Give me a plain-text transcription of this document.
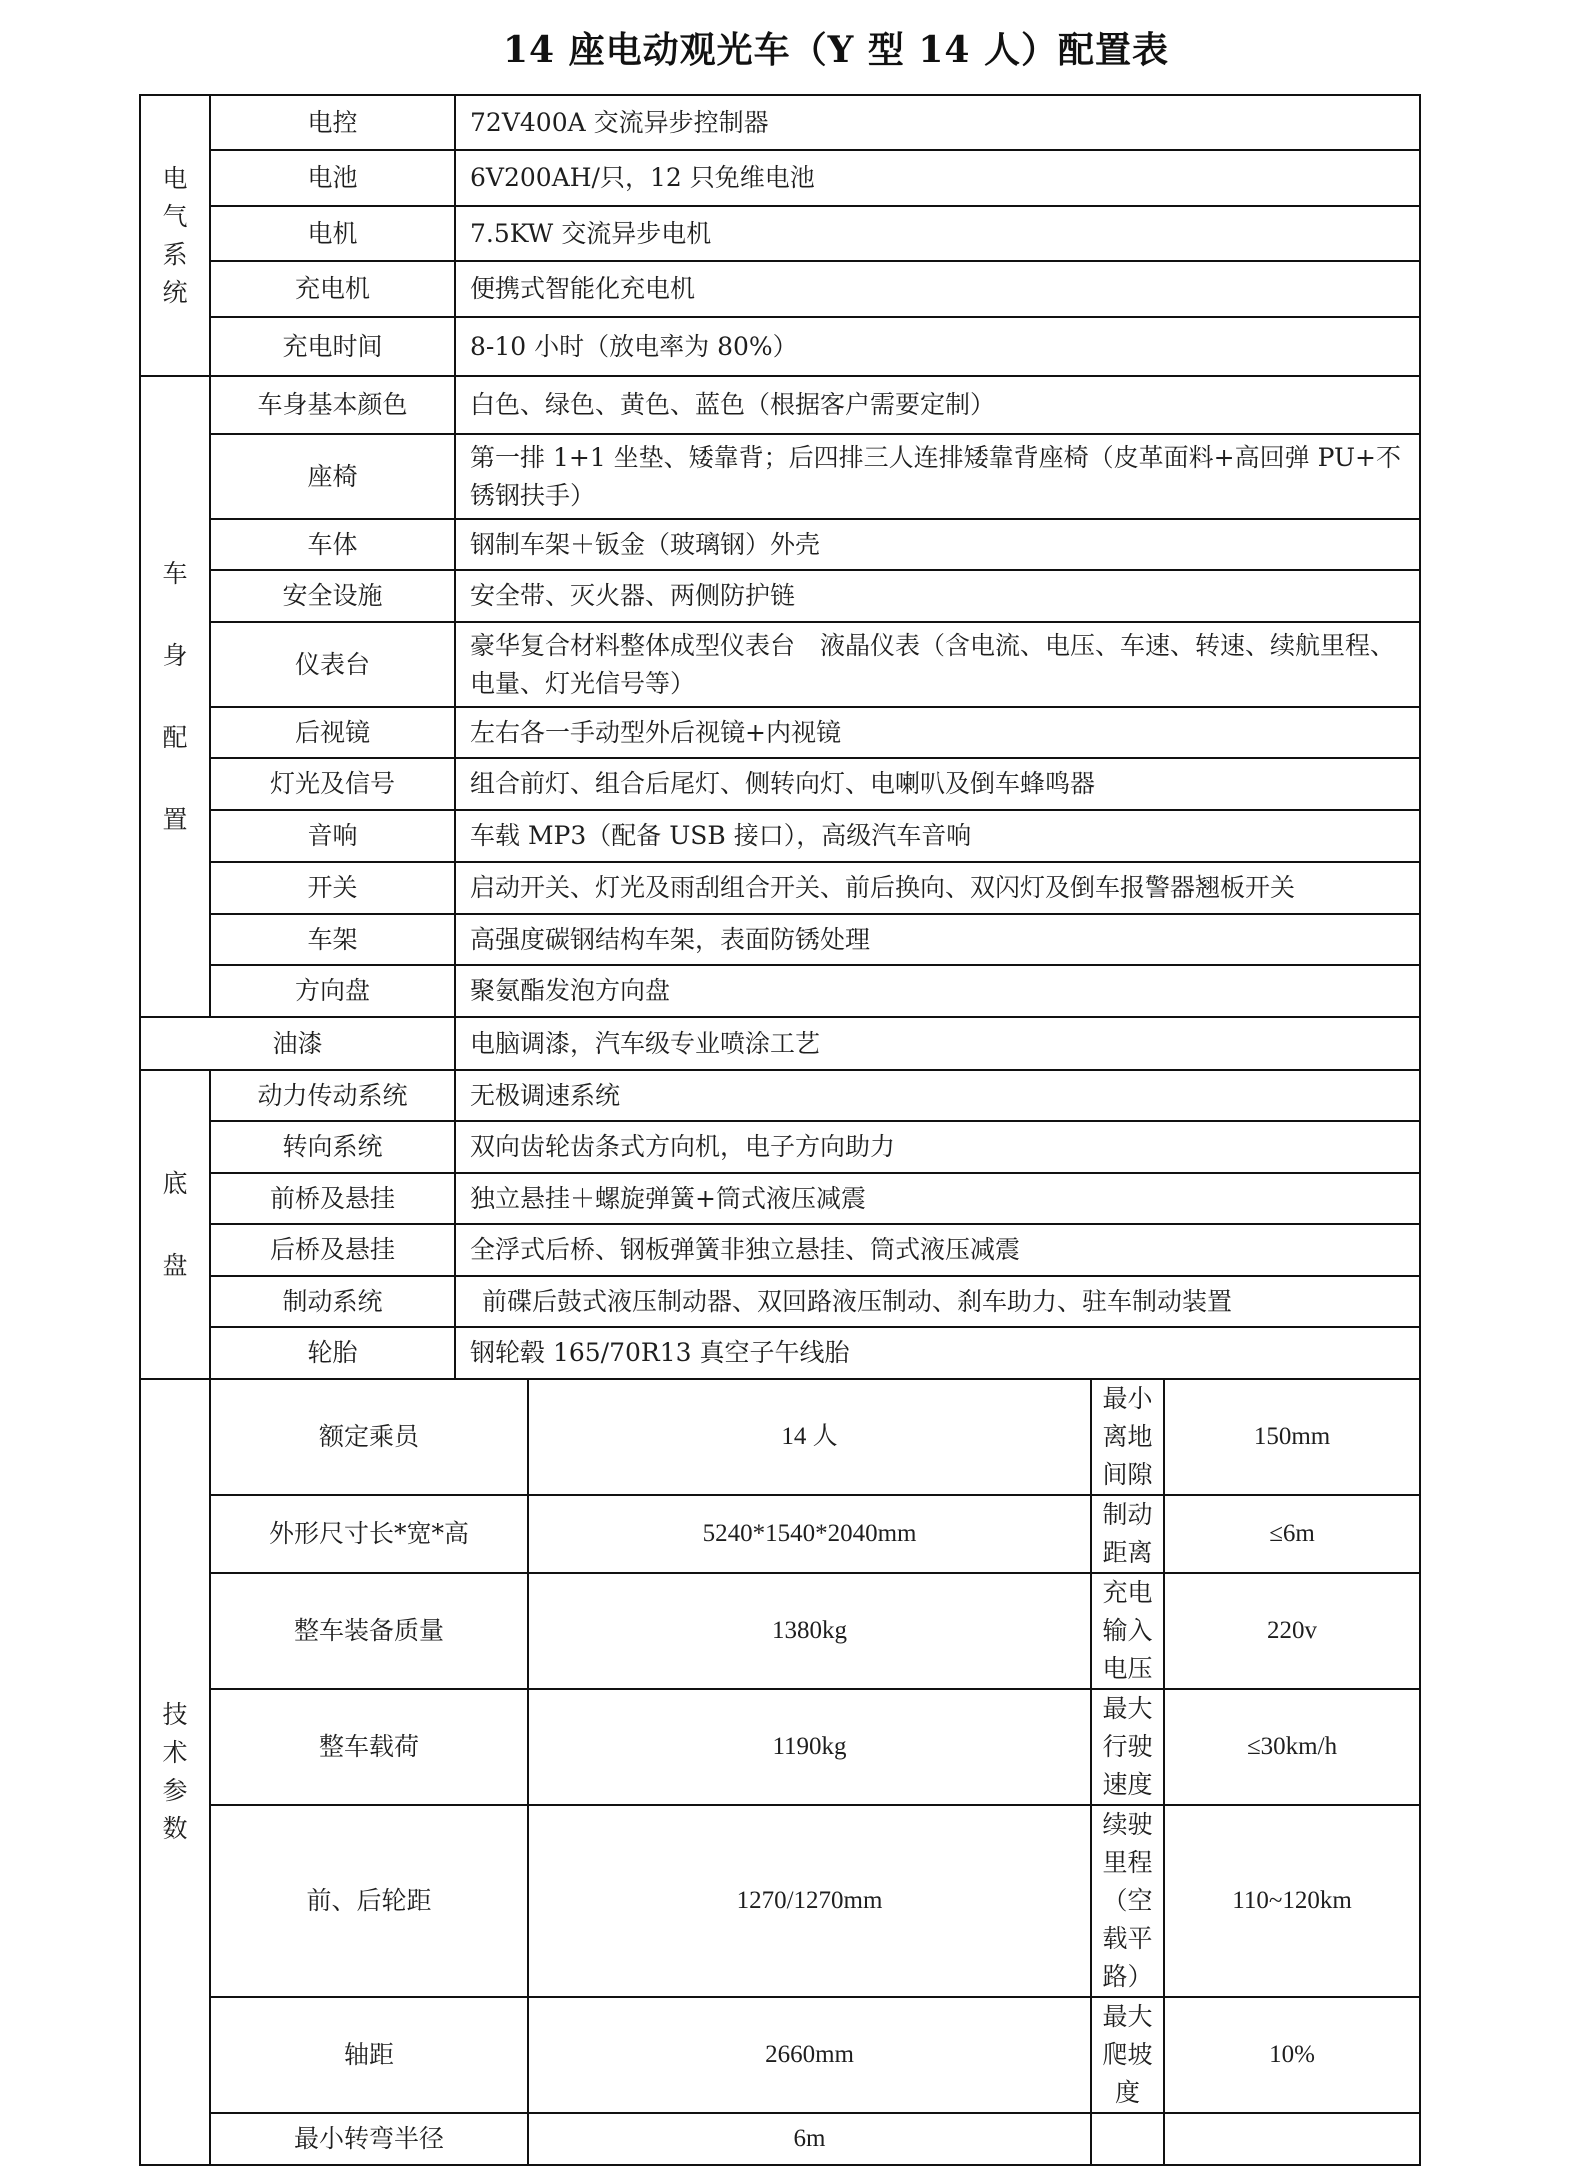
14 座电动观光车（Y 型 14 人）配置表
电气系统	电控	72V400A 交流异步控制器			
	电池	6V200AH/只，12 只免维电池			
	电机	7.5KW 交流异步电机			
	充电机	便携式智能化充电机			
	充电时间	8-10 小时（放电率为 80%）			
车身配置	车身基本颜色	白色、绿色、黄色、蓝色（根据客户需要定制）			
	座椅	第一排 1+1 坐垫、矮靠背；后四排三人连排矮靠背座椅（皮革面料+高回弹 PU+不锈钢扶手）			
	车体	钢制车架＋钣金（玻璃钢）外壳			
	安全设施	安全带、灭火器、两侧防护链			
	仪表台	豪华复合材料整体成型仪表台　液晶仪表（含电流、电压、车速、转速、续航里程、电量、灯光信号等）			
	后视镜	左右各一手动型外后视镜+内视镜			
	灯光及信号	组合前灯、组合后尾灯、侧转向灯、电喇叭及倒车蜂鸣器			
	音响	车载 MP3（配备 USB 接口），高级汽车音响			
	开关	启动开关、灯光及雨刮组合开关、前后换向、双闪灯及倒车报警器翘板开关			
	车架	高强度碳钢结构车架，表面防锈处理			
	方向盘	聚氨酯发泡方向盘			
油漆		电脑调漆，汽车级专业喷涂工艺			
底盘	动力传动系统	无极调速系统			
	转向系统	双向齿轮齿条式方向机，电子方向助力			
	前桥及悬挂	独立悬挂＋螺旋弹簧+筒式液压减震			
	后桥及悬挂	全浮式后桥、钢板弹簧非独立悬挂、筒式液压减震			
	制动系统	前碟后鼓式液压制动器、双回路液压制动、刹车助力、驻车制动装置			
	轮胎	钢轮毂 165/70R13 真空子午线胎			
技术参数	额定乘员		14 人	最小离地间隙	150mm
	外形尺寸长*宽*高		5240*1540*2040mm	制动距离	≤6m
	整车装备质量		1380kg	充电输入电压	220v
	整车载荷		1190kg	最大行驶速度	≤30km/h
	前、后轮距		1270/1270mm	续驶里程（空载平路）	110~120km
	轴距		2660mm	最大爬坡度	10%
	最小转弯半径		6m		
